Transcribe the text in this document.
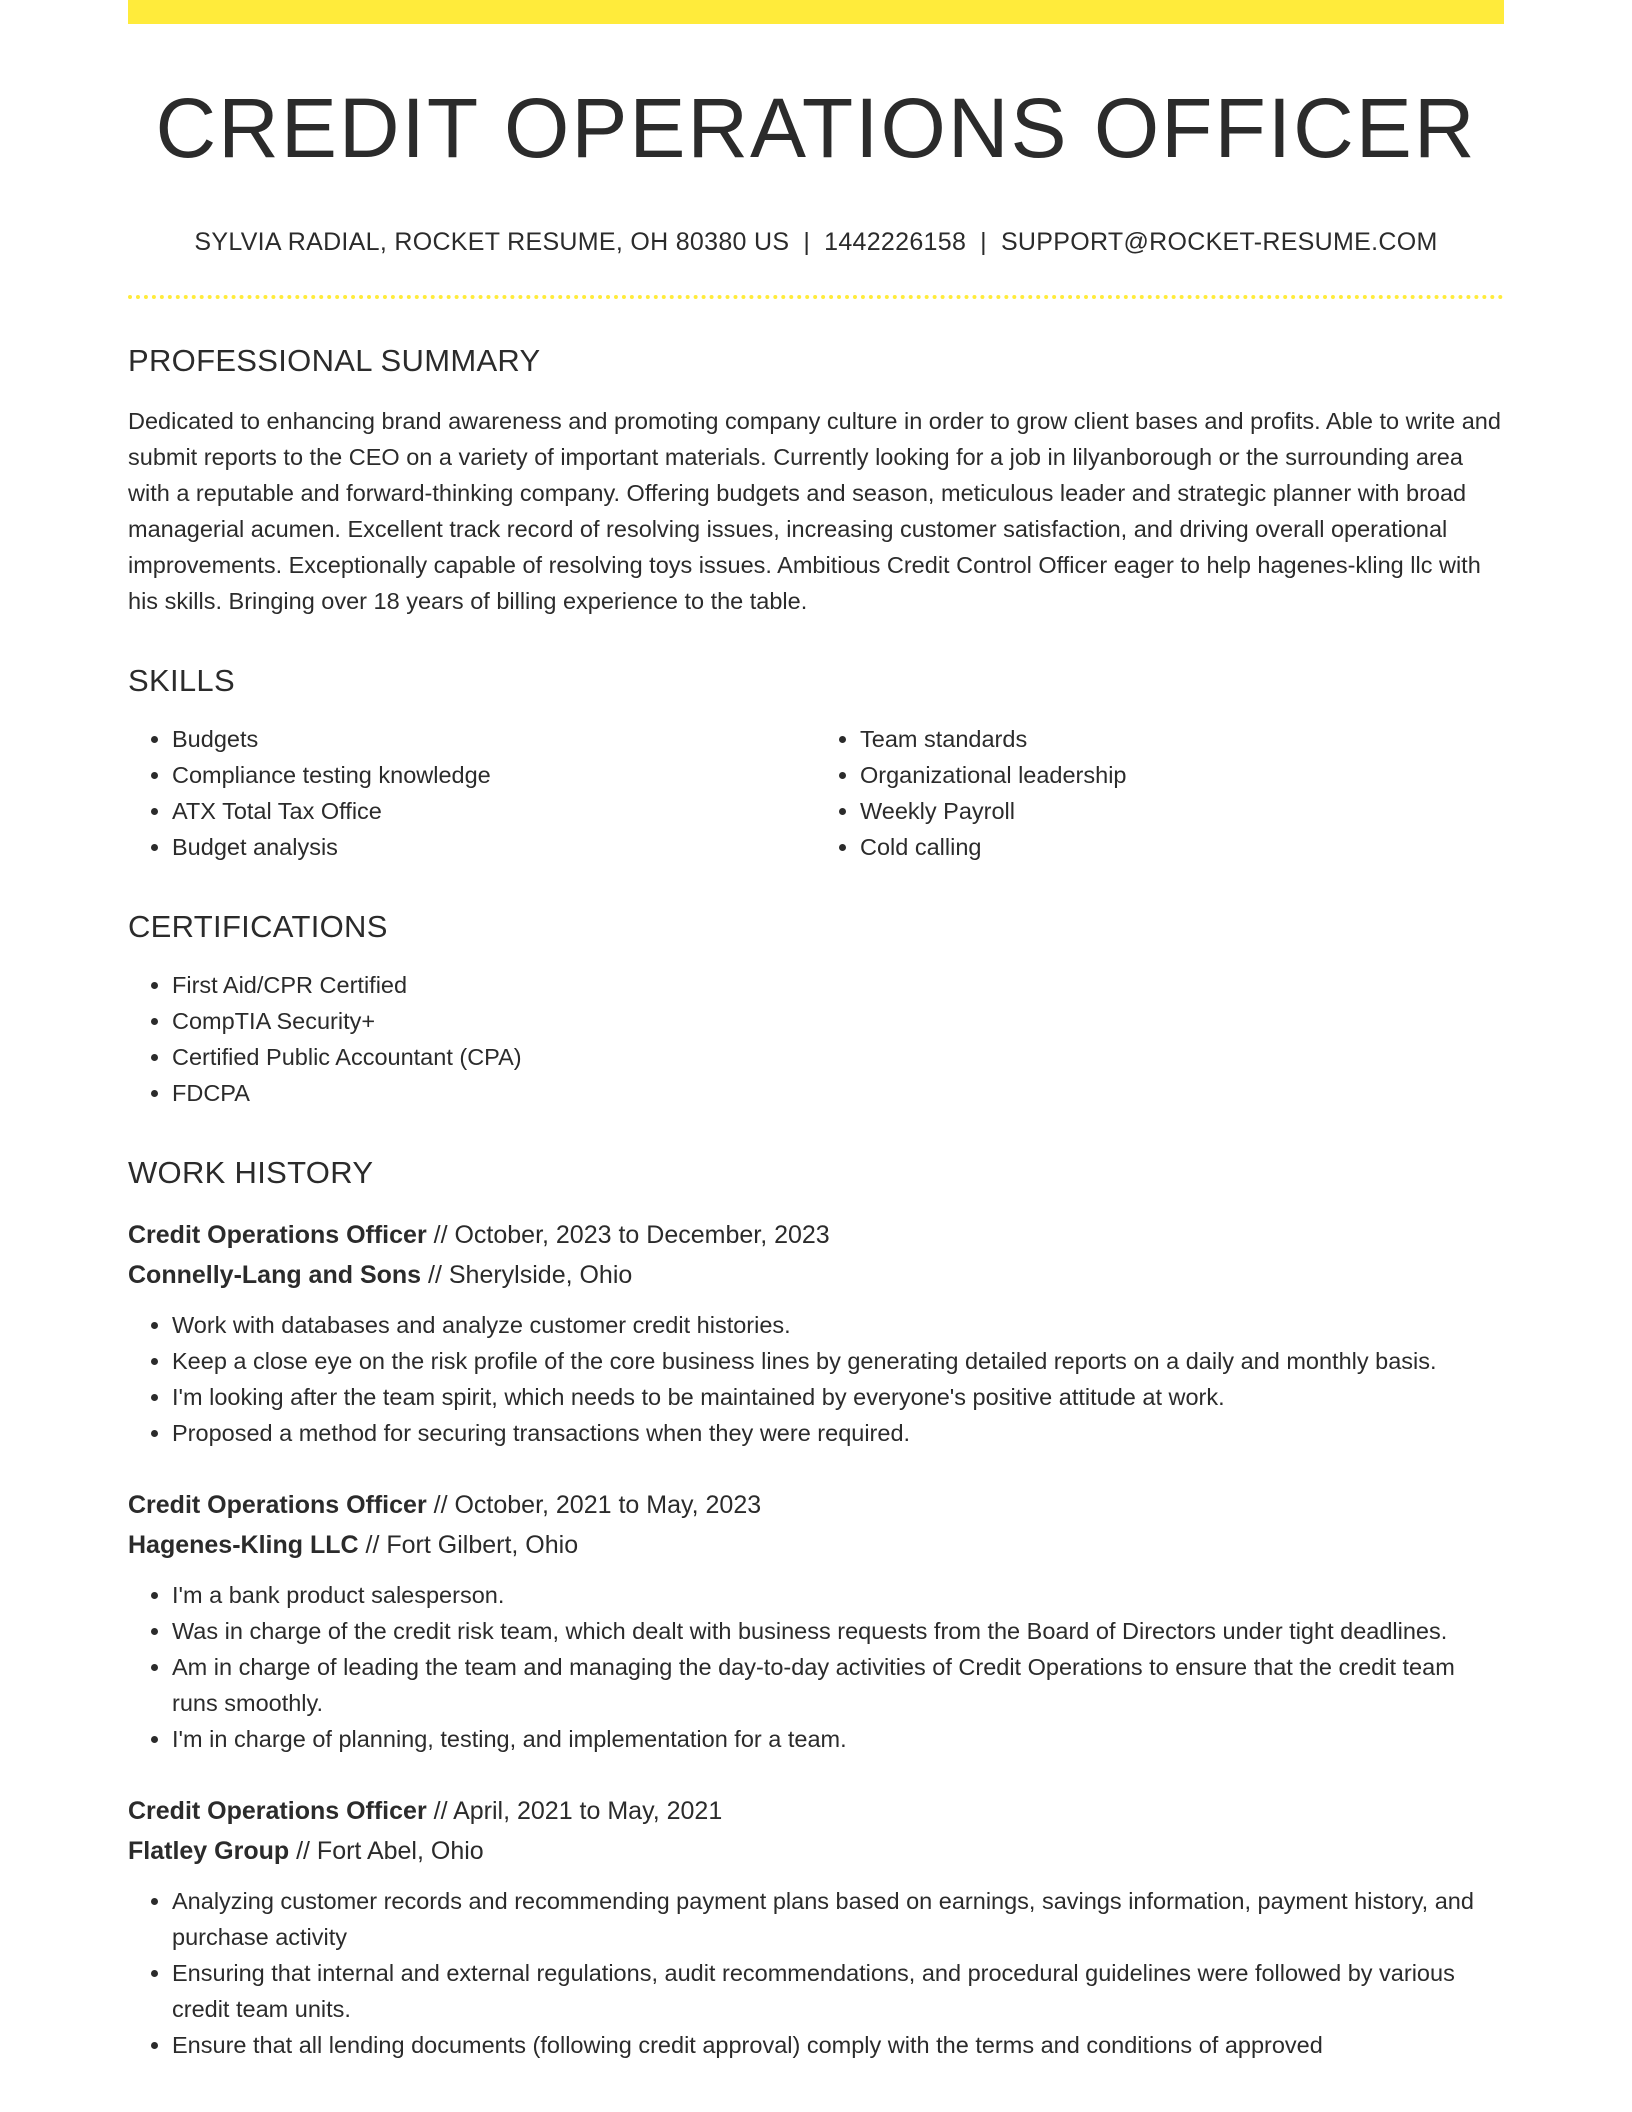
CREDIT OPERATIONS OFFICER
SYLVIA RADIAL, ROCKET RESUME, OH 80380 US | 1442226158 | SUPPORT@ROCKET-RESUME.COM
PROFESSIONAL SUMMARY

Dedicated to enhancing brand awareness and promoting company culture in order to grow client bases and profits. Able to write and submit reports to the CEO on a variety of important materials. Currently looking for a job in lilyanborough or the surrounding area with a reputable and forward-thinking company. Offering budgets and season, meticulous leader and strategic planner with broad managerial acumen. Excellent track record of resolving issues, increasing customer satisfaction, and driving overall operational improvements. Exceptionally capable of resolving toys issues. Ambitious Credit Control Officer eager to help hagenes-kling llc with his skills. Bringing over 18 years of billing experience to the table.

SKILLS
• Budgets
• Compliance testing knowledge
• ATX Total Tax Office
• Budget analysis
• Team standards
• Organizational leadership
• Weekly Payroll
• Cold calling
CERTIFICATIONS
• First Aid/CPR Certified
• CompTIA Security+
• Certified Public Accountant (CPA)
• FDCPA
WORK HISTORY
Credit Operations Officer // October, 2023 to December, 2023
Connelly-Lang and Sons // Sherylside, Ohio
• Work with databases and analyze customer credit histories.
• Keep a close eye on the risk profile of the core business lines by generating detailed reports on a daily and monthly basis.
• I'm looking after the team spirit, which needs to be maintained by everyone's positive attitude at work.
• Proposed a method for securing transactions when they were required.
Credit Operations Officer // October, 2021 to May, 2023
Hagenes-Kling LLC // Fort Gilbert, Ohio
• I'm a bank product salesperson.
• Was in charge of the credit risk team, which dealt with business requests from the Board of Directors under tight deadlines.
• Am in charge of leading the team and managing the day-to-day activities of Credit Operations to ensure that the credit team runs smoothly.
• I'm in charge of planning, testing, and implementation for a team.
Credit Operations Officer // April, 2021 to May, 2021
Flatley Group // Fort Abel, Ohio
• Analyzing customer records and recommending payment plans based on earnings, savings information, payment history, and purchase activity
• Ensuring that internal and external regulations, audit recommendations, and procedural guidelines were followed by various credit team units.
• Ensure that all lending documents (following credit approval) comply with the terms and conditions of approved
